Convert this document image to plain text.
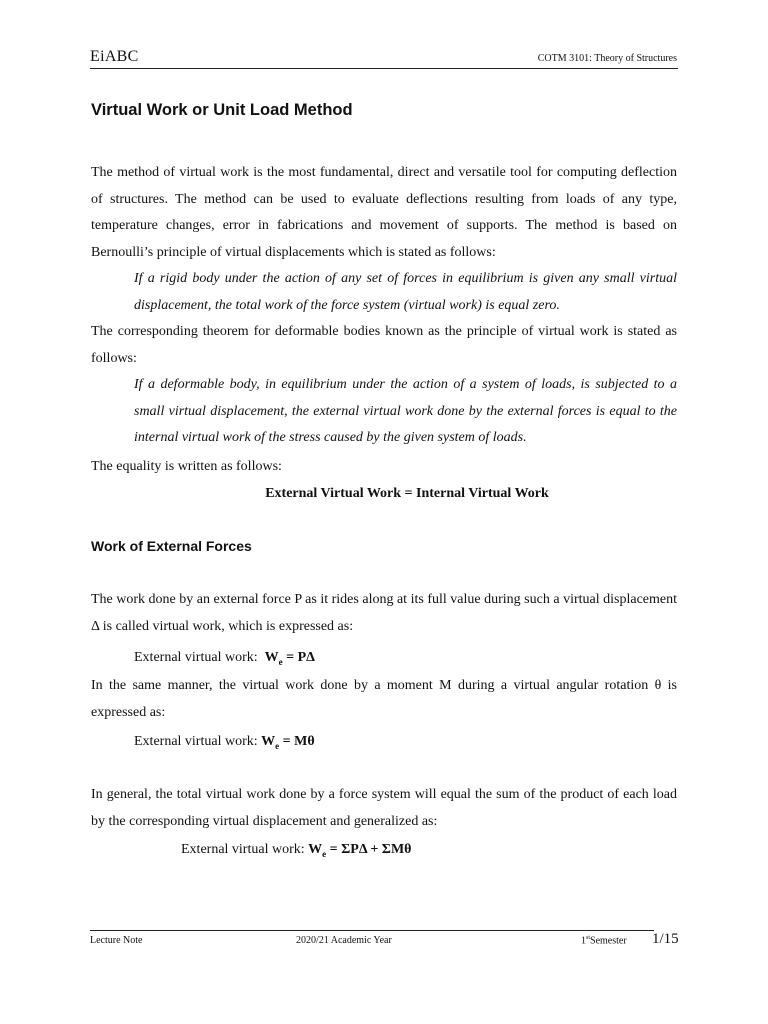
EiABC	COTM 3101: Theory of Structures
Virtual Work or Unit Load Method
The method of virtual work is the most fundamental, direct and versatile tool for computing deflection of structures. The method can be used to evaluate deflections resulting from loads of any type, temperature changes, error in fabrications and movement of supports. The method is based on Bernoulli’s principle of virtual displacements which is stated as follows:
If a rigid body under the action of any set of forces in equilibrium is given any small virtual displacement, the total work of the force system (virtual work) is equal zero.
The corresponding theorem for deformable bodies known as the principle of virtual work is stated as follows:
If a deformable body, in equilibrium under the action of a system of loads, is subjected to a small virtual displacement, the external virtual work done by the external forces is equal to the internal virtual work of the stress caused by the given system of loads.
The equality is written as follows:
External Virtual Work = Internal Virtual Work
Work of External Forces
The work done by an external force P as it rides along at its full value during such a virtual displacement Δ is called virtual work, which is expressed as:
External virtual work: $W_e = P\Delta$
In the same manner, the virtual work done by a moment M during a virtual angular rotation θ is expressed as:
External virtual work: $W_e = M\theta$
In general, the total virtual work done by a force system will equal the sum of the product of each load by the corresponding virtual displacement and generalized as:
External virtual work: $W_e = \Sigma P\Delta + \Sigma M\theta$
Lecture Note	2020/21 Academic Year	1stSemester 1/15
